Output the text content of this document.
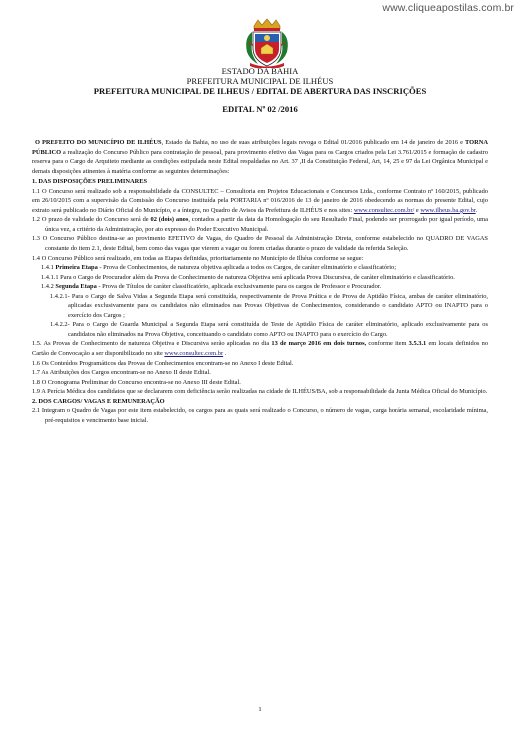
www.cliqueapostilas.com.br
ESTADO DA BAHIA
PREFEITURA MUNICIPAL DE ILHÉUS
PREFEITURA MUNICIPAL DE ILHEUS / EDITAL DE ABERTURA DAS INSCRIÇÕES
EDITAL Nº 02 /2016

O PREFEITO DO MUNICÍPIO DE ILHÉUS, Estado da Bahia, no uso de suas atribuições legais revoga o Edital 01/2016 publicado em 14 de janeiro de 2016 e TORNA PÚBLICO a realização do Concurso Público para contratação de pessoal, para provimento efetivo das Vagas para os Cargos criados pela Lei 3.761/2015 e formação de cadastro reserva para o Cargo de Arquiteto mediante as condições estipulada neste Edital respaldadas no Art. 37 ,II da Constituição Federal, Art, 14, 25 e 97 da Lei Orgânica Municipal e demais disposições atinentes à matéria conforme as seguintes determinações:

1. DAS DISPOSIÇÕES PRELIMINARES

1.1 O Concurso será realizado sob a responsabilidade da CONSULTEC – Consultoria em Projetos Educacionais e Concursos Ltda., conforme Contrato nº 160/2015, publicado em 26/10/2015 com a supervisão da Comissão do Concurso instituída pela PORTARIA nº 016/2016 de 13 de janeiro de 2016 obedecendo as normas do presente Edital, cujo extrato será publicado no Diário Oficial do Município, e a íntegra, no Quadro de Avisos da Prefeitura de ILHÉUS e nos sites: www.consultec.com.br/ e www.ilheus.ba.gov.br.

1.2 O prazo de validade do Concurso será de 02 (dois) anos, contados a partir da data da Homologação do seu Resultado Final, podendo ser prorrogado por igual período, uma única vez, a critério da Administração, por ato expresso do Poder Executivo Municipal.

1.3 O Concurso Público destina-se ao provimento EFETIVO de Vagas, do Quadro de Pessoal da Administração Direta, conforme estabelecido no QUADRO DE VAGAS constante do item 2.1, deste Edital, bem como das vagas que vierem a vagar ou forem criadas durante o prazo de validade da referida Seleção.

1.4 O Concurso Público será realizado, em todas as Etapas definidas, prioritariamente no Município de Ilhéus conforme se segue:

1.4.1 Primeira Etapa - Prova de Conhecimentos, de natureza objetiva aplicada a todos os Cargos, de caráter eliminatório e classificatório;

1.4.1.1 Para o Cargo de Procurador além da Prova de Conhecimento de natureza Objetiva será aplicada Prova Discursiva, de caráter eliminatório e classificatório.

1.4.2 Segunda Etapa - Prova de Títulos de caráter classificatório, aplicada exclusivamente para os cargos de Professor e Procurador.

1.4.2.1- Para o Cargo de Salva Vidas a Segunda Etapa será constituída, respectivamente de Prova Prática e de Prova de Aptidão Física, ambas de caráter eliminatório, aplicadas exclusivamente para os candidatos não eliminados nas Provas Objetivas de Conhecimentos, considerando o candidato APTO ou INAPTO para o exercício dos Cargos ;

1.4.2.2- Para o Cargo de Guarda Municipal a Segunda Etapa será constituída de Teste de Aptidão Física de caráter eliminatório, aplicado exclusivamente para os candidatos não eliminados na Prova Objetiva, conceituando o candidato como APTO ou INAPTO para o exercício do Cargo.

1.5. As Provas de Conhecimento de natureza Objetiva e Discursiva serão aplicadas no dia 13 de março 2016 em dois turnos, conforme item 3.5.3.1 em locais definidos no Cartão de Convocação a ser disponibilizado no site www.consultec.com.br .

1.6 Os Conteúdos Programáticos das Provas de Conhecimentos encontram-se no Anexo I deste Edital.

1.7 As Atribuições dos Cargos encontram-se no Anexo II deste Edital.

1.8 O Cronograma Preliminar do Concurso encontra-se no Anexo III deste Edital.

1.9 A Perícia Médica dos candidatos que se declararem com deficiência serão realizadas na cidade de ILHÉUS/BA, sob a responsabilidade da Junta Médica Oficial do Município.

2. DOS CARGOS/ VAGAS E REMUNERAÇÃO

2.1 Integram o Quadro de Vagas por este item estabelecido, os cargos para as quais será realizado o Concurso, o número de vagas, carga horária semanal, escolaridade mínima, pré-requisitos e vencimento base inicial.

1
